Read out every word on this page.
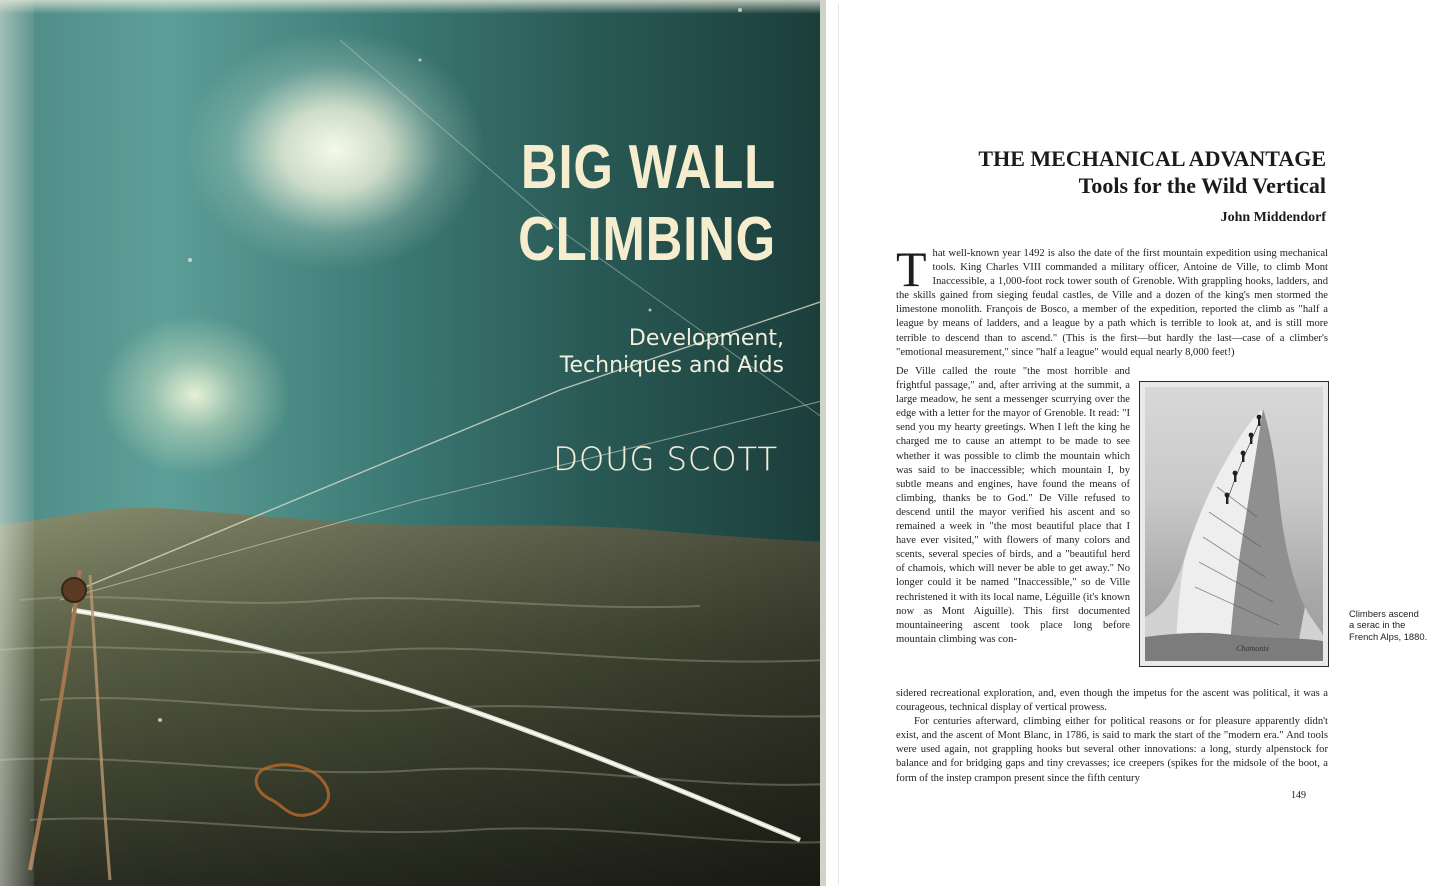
BIG WALL
CLIMBING
Development,
Techniques and Aids
DOUG SCOTT
THE MECHANICAL ADVANTAGE
Tools for the Wild Vertical
John Middendorf
That well-known year 1492 is also the date of the first mountain expedition using mechanical tools. King Charles VIII commanded a military officer, Antoine de Ville, to climb Mont Inaccessible, a 1,000-foot rock tower south of Grenoble. With grappling hooks, ladders, and the skills gained from sieging feudal castles, de Ville and a dozen of the king's men stormed the limestone monolith. François de Bosco, a member of the expedition, reported the climb as "half a league by means of ladders, and a league by a path which is terrible to look at, and is still more terrible to descend than to ascend." (This is the first—but hardly the last—case of a climber's "emotional measurement," since "half a league" would equal nearly 8,000 feet!)
De Ville called the route "the most horrible and frightful passage," and, after arriving at the summit, a large meadow, he sent a messenger scurrying over the edge with a letter for the mayor of Grenoble. It read: "I send you my hearty greetings. When I left the king he charged me to cause an attempt to be made to see whether it was possible to climb the mountain which was said to be inaccessible; which mountain I, by subtle means and engines, have found the means of climbing, thanks be to God." De Ville refused to descend until the mayor verified his ascent and so remained a week in "the most beautiful place that I have ever visited," with flowers of many colors and scents, several species of birds, and a "beautiful herd of chamois, which will never be able to get away." No longer could it be named "Inaccessible," so de Ville rechristened it with its local name, Léguille (it's known now as Mont Aiguille). This first documented mountaineering ascent took place long before mountain climbing was con-
Chamonix
Climbers ascend
a serac in the
French Alps, 1880.

sidered recreational exploration, and, even though the impetus for the ascent was political, it was a courageous, technical display of vertical prowess.

For centuries afterward, climbing either for political reasons or for pleasure apparently didn't exist, and the ascent of Mont Blanc, in 1786, is said to mark the start of the "modern era." And tools were used again, not grappling hooks but several other innovations: a long, sturdy alpenstock for balance and for bridging gaps and tiny crevasses; ice creepers (spikes for the midsole of the boot, a form of the instep crampon present since the fifth century

149
